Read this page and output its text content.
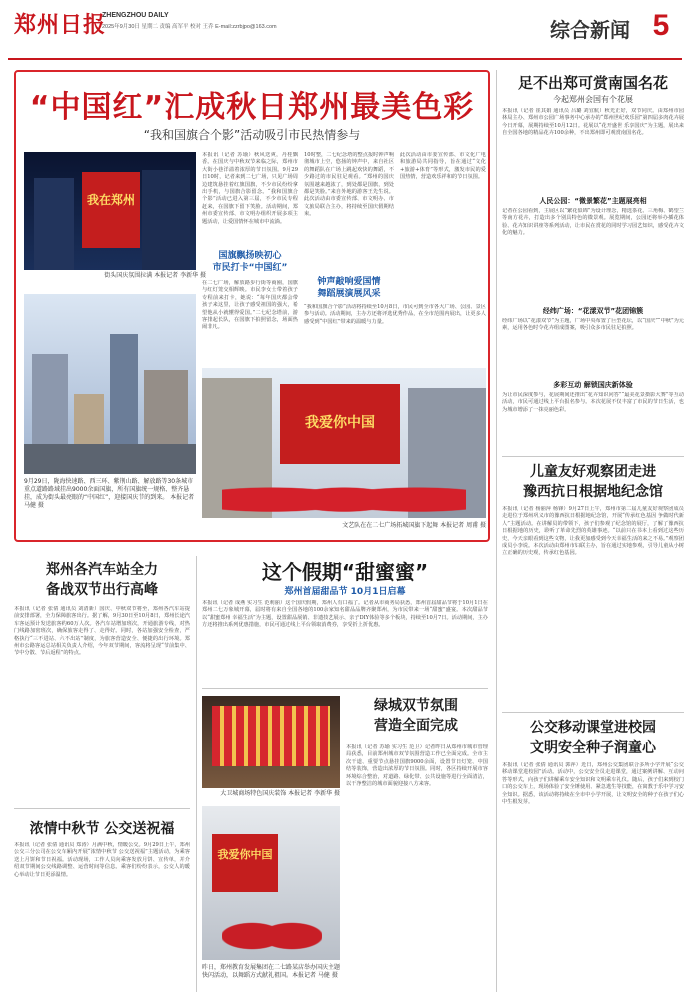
郑州日报
ZHENGZHOU DAILY
2025年9月30日 星期二 责编 高军平 校对 王乔 E-mail:zzrbjpo@163.com	综合新闻 5
“中国红”汇成秋日郑州最美色彩
“我和国旗合个影”活动吸引市民热情参与
我在郑州
街头国庆氛围拉满 本报记者 李新华 摄
本报讯（记者 苏瑜）秋风送爽，丹桂飘香。在国庆与中秋双节来临之际，郑州市大街小巷洋溢着浓厚的节日氛围。9月29日10时，记者来到二七广场，只见广场周边建筑悬挂着红旗国旗，不少市民纷纷拿出手机，与国旗合影留念。“我和国旗合个影”活动已进入第三届，不少市民专程赶来，在国旗下留下笑脸。活动期间，郑州市委宣传部、市文明办组织开展多项主题活动，让爱国情怀在城市中流淌。
10时整，二七纪念塔的整点报时钟声响彻城市上空，悠扬的钟声中，来自社区的舞蹈队在广场上跳起欢快的舞蹈，不少路过的市民驻足观看。“郑州的国庆氛围越来越浓了，到处都是国旗，到处都是笑脸。”来自外地的游客王先生说。此次活动由市委宣传部、市文明办、市文旅局联合主办，将持续至国庆假期结束。
国旗飘扬映初心
市民打卡“中国红”
钟声敲响爱国情
舞蹈展演展风采
在二七广场，解放路步行街等商圈，国旗与红灯笼交相辉映。市民李女士带着孩子专程前来打卡，她说：“每年国庆都会带孩子来这里，让孩子感受祖国的强大，希望他从小就懂得爱国。”二七纪念塔前，游客排起长队，在国旗下拍照留念，场面热闹非凡。
此次活动由市委宣传部、市文化广电和旅游局共同指导，旨在通过“文化+旅游+体育”等形式，激发市民的爱国热情，营造欢乐祥和的节日氛围。
“我和国旗合个影”活动将持续至10月8日，市民可到全市各大广场、公园、景区参与活动。活动期间，主办方还将评选优秀作品，在全市范围内展出，让更多人感受到“中国红”带来的温暖与力量。
9月29日，陇海快速路、西三环、紫荆山路、解放路等30条城市重点道路路域挂出9000余面国旗，所有国旗统一规格、整齐悬挂，成为街头最亮眼的“中国红”，迎接国庆节的到来。 本报记者 马健 摄
我爱你中国
文艺队在在二七广场拓城国旗下起舞 本报记者 周甫 摄
郑州各汽车站全力
备战双节出行高峰
本报讯（记者 张倩 通讯员 刘清新）国庆、中秋双节将至，郑州各汽车站提前安排部署，全力保障旅客出行。据了解，9月30日至10月8日，郑州长途汽车客运预计发送旅客约60万人次。各汽车站增加班次，开通旅游专线，对热门线路加密班次，确保旅客走得了、走得好。同时，各站加强安全检查，严格执行“三不进站、六不出站”制度，为旅客营造安全、便捷的出行环境。郑州市公路客运总站相关负责人介绍，今年双节期间，客流将呈现“节前集中、节中分散、节后返程”的特点。
浓情中秋节 公交送祝福
本报讯（记者 张倩 通讯员 郑涛）月满中秋，情暖公交。9月29日上午，郑州公交三分公司在公交车厢内开展“浓情中秋节 公交送祝福”主题活动，为乘客送上月饼和节日祝福。活动现场，工作人员向乘客发放月饼、宣传单，并介绍双节期间公交线路调整、运营时间等信息。乘客们纷纷表示，公交人的暖心举动让节日更添温情。
这个假期“甜蜜蜜”
郑州首届甜品节 10月1日启幕
本报讯（记者 成燕 实习生 范莉丽）这个国庆假期，郑州人有口福了。记者从市商务局获悉，郑州首届甜品节将于10月1日在郑州二七万象城开幕，届时将有来自全国各地的100余家知名甜品品牌齐聚郑州，为市民带来一场“甜蜜”盛宴。本次甜品节以“甜蜜郑州 幸福生活”为主题，设置甜品展销、非遗技艺展示、亲子DIY体验等多个板块，持续至10月7日。活动期间，主办方还将推出系列优惠措施，市民可通过线上平台领取消费券，享受折上折优惠。
绿城双节氛围
营造全面完成
本报讯（记者 苏瑜 实习生 范卫）记者昨日从郑州市城市管理局获悉，目前郑州城市双节氛围营造工作已全面完成。全市主次干道、重要节点悬挂国旗9000余面，设置节日灯笼、中国结等装饰，营造出浓厚的节日氛围。同时，各区持续开展市容环境综合整治，对道路、绿化带、公共设施等进行全面清洁，以干净整洁的城市面貌迎接八方来客。
大卫城商场特色国庆装饰 本报记者 李新华 摄
我爱你中国
昨日，郑州教育发展集团在二七路某店举办国庆主题快闪活动，以舞蹈方式献礼祖国。本报记者 马健 摄
足不出郑可赏南国名花
今起郑州会国有个花展
本报讯（记者 崔其娟 通讯员 吕璐 刘宜航）秋光正好，双节同庆。由郑州市园林局主办、郑州市公园广场事务中心承办的“郑州世纪欢乐园”第四届多肉花卉展今日开幕，展期持续至10月12日。花展以“花开盛世 乐享国庆”为主题，展出来自全国各地的精品花卉100余种，不出郑州即可观赏南国名花。
人民公园：“微景繁花”主题展亮相
记者在公园看到，主展区以“繁花似锦”为设计理念，精选茶花、三角梅、鹤望兰等南方花卉，打造出多个别具特色的微景观。展览期间，公园还将举办插花体验、花卉知识讲座等系列活动，让市民在赏花的同时学习园艺知识，感受花卉文化的魅力。
经纬广场：“花漾双节”花团锦簇
经纬广场以“花漾双节”为主题，广场中央布置了巨型花坛，以“国庆”“中秋”为元素，运用各色时令花卉组成图案，吸引众多市民驻足拍照。
多彩互动 解锁国庆新体验
为让市民深度参与，花展期间还推出“花卉知识问答”“最美花景摄影大赛”等互动活动，市民可通过线上平台报名参与。本次花展不仅丰富了市民的节日生活，也为城市增添了一抹亮丽色彩。
儿童友好观察团走进
豫西抗日根据地纪念馆
本报讯（记者 杨丽萍 杨锋）9月27日上午，郑州市第二届儿童友好观察团成员走进位于郑州巩义市的豫西抗日根据地纪念馆，开展“传承红色基因 争做时代新人”主题活动。在讲解员的带领下，孩子们参观了纪念馆的展厅，了解了豫西抗日根据地的历史，聆听了革命先烈的英雄事迹。“以前只在书本上看到过这些历史，今天亲眼看到这些文物，让我更加感受到今天幸福生活的来之不易。”观察团成员小李说。本次活动由郑州市妇联主办，旨在通过实地参观，引导儿童从小树立正确的历史观，传承红色基因。
公交移动课堂进校园
文明安全种子润童心
本报讯（记者 张倩 通讯员 郭萍）近日，郑州公交集团联合多所小学开展“公交移动课堂进校园”活动。活动中，公交安全员走进课堂，通过案例讲解、互动问答等形式，向孩子们讲解乘车安全知识和文明乘车礼仪。随后，孩子们来到校门口的公交车上，现场体验了安全锤使用、紧急逃生等技能，在寓教于乐中学习安全知识。据悉，该活动将持续在全市中小学开展，让文明安全的种子在孩子们心中生根发芽。
